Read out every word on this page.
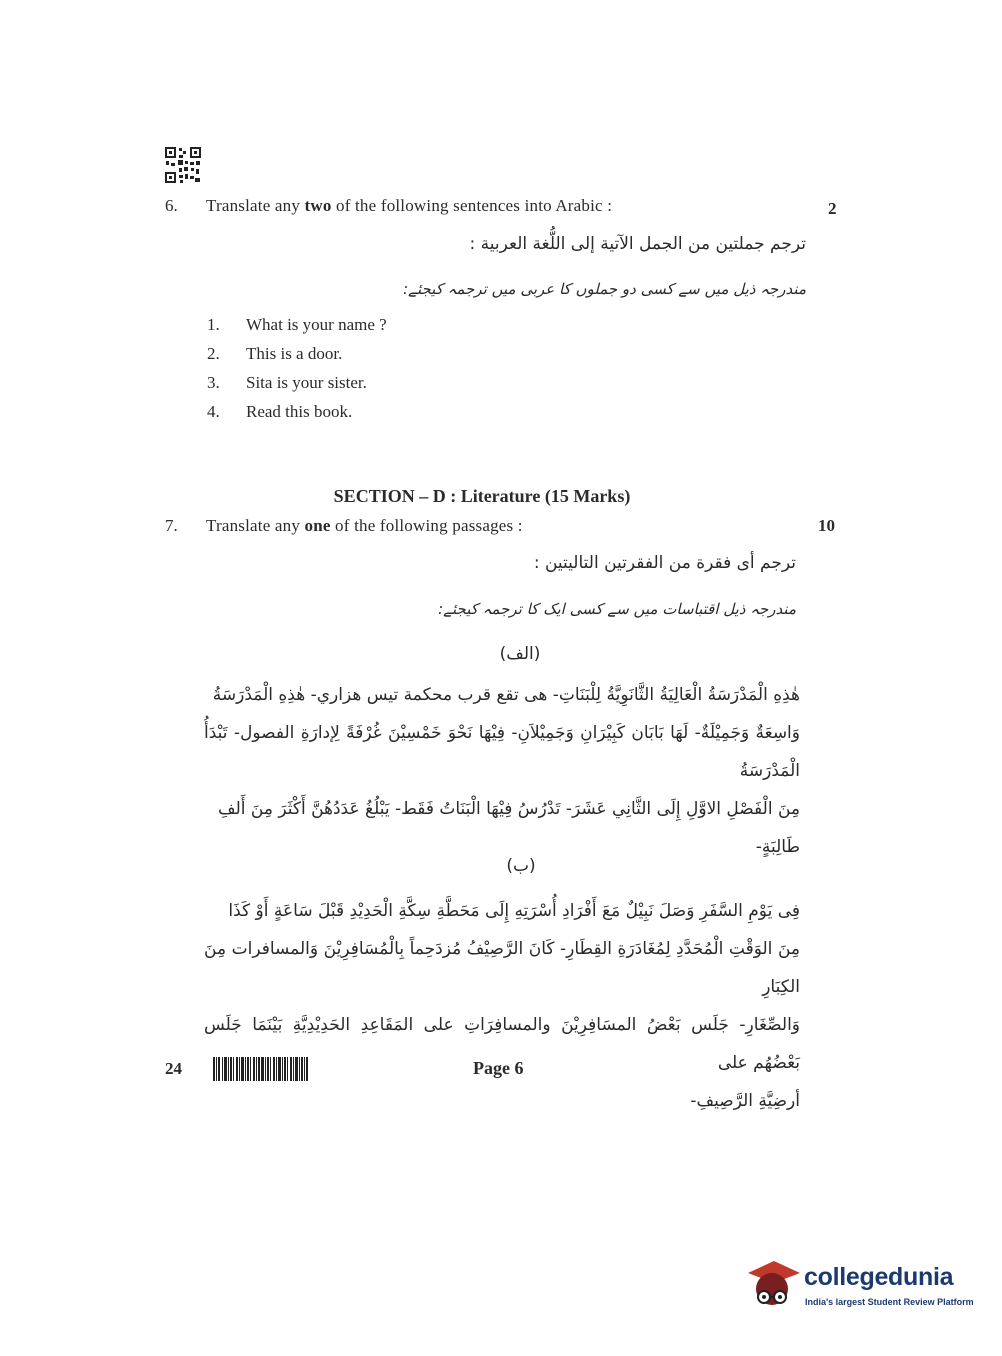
6. Translate any two of the following sentences into Arabic :	2
ترجم جملتين من الجمل الآتية إلى اللُّغة العربية :
مندرجہ ذیل میں سے کسی دو جملوں کا عربی میں ترجمہ کیجئے:
1. What is your name ?
2. This is a door.
3. Sita is your sister.
4. Read this book.
SECTION – D : Literature (15 Marks)
7. Translate any one of the following passages :	10
ترجم أى فقرة من الفقرتين التاليتين :
مندرجہ ذیل اقتباسات میں سے کسی ایک کا ترجمہ کیجئے:
(الف)
هٰذِهِ الْمَدْرَسَةُ الْعَالِيَةُ الثَّانَوِيَّةُ لِلْبَنَاتِ- هى تقع قرب محكمة تيس هزاري- هٰذِهِ الْمَدْرَسَةُ
وَاسِعَةٌ وَجَمِيْلَةٌ- لَهَا بَابَان كَبِيْرَانِ وَجَمِيْلاَنِ- فِيْهَا نَحْوَ خَمْسِيْنَ غُرْفَةً لِإدارَةِ الفصول- تَبْدَأُ الْمَدْرَسَةُ
مِنَ الْفَصْلِ الاوَّلِ إِلَى الثَّانِي عَشَرَ- تَدْرُسُ فِيْهَا الْبَنَاتُ فَقَط- يَبْلُغُ عَدَدُهُنَّ أَكْثَرَ مِنَ أَلفِ
طَالِبَةٍ-
(ب)
فِى يَوْمِ السَّفَرِ وَصَلَ نَبِيْلٌ مَعَ أَفْرَادِ أُسْرَتِهِ إِلَى مَحَطَّةِ سِكَّةِ الْحَدِيْدِ قَبْلَ سَاعَةٍ أَوْ كَذَا
مِنَ الوَقْتِ الْمُحَدَّدِ لِمُغَادَرَةِ القِطَارِ- كَانَ الرَّصِيْفُ مُزدَحِماً بِالْمُسَافِرِيْنَ وَالمسافرات مِنَ الكِبَارِ
وَالصِّغَارِ- جَلَس بَعْضُ المسَافِرِيْنَ والمسافِرَاتِ على المَقَاعِدِ الحَدِيْدِيَّةِ بَيْنَمَا جَلَس بَعْضُهُم على
أرضِيَّةِ الرَّصِيفِ-
24	Page 6
collegedunia
India's largest Student Review Platform
